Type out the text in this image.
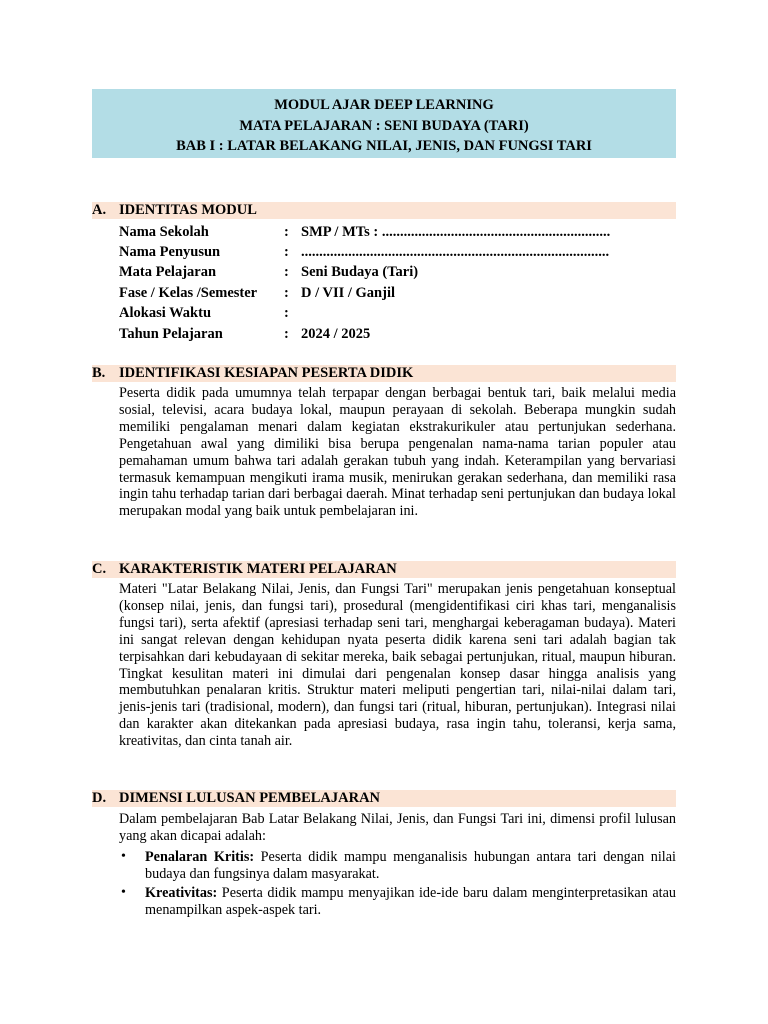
MODUL AJAR DEEP LEARNING
MATA PELAJARAN : SENI BUDAYA (TARI)
BAB I : LATAR BELAKANG NILAI, JENIS, DAN FUNGSI TARI
A. IDENTITAS MODUL
Nama Sekolah	: SMP / MTs : ...............................................................
Nama Penyusun	: .....................................................................................
Mata Pelajaran	: Seni Budaya (Tari)
Fase / Kelas /Semester : D / VII / Ganjil
Alokasi Waktu	:
Tahun Pelajaran	: 2024 / 2025
B. IDENTIFIKASI KESIAPAN PESERTA DIDIK

Peserta didik pada umumnya telah terpapar dengan berbagai bentuk tari, baik melalui media sosial, televisi, acara budaya lokal, maupun perayaan di sekolah. Beberapa mungkin sudah memiliki pengalaman menari dalam kegiatan ekstrakurikuler atau pertunjukan sederhana. Pengetahuan awal yang dimiliki bisa berupa pengenalan nama-nama tarian populer atau pemahaman umum bahwa tari adalah gerakan tubuh yang indah. Keterampilan yang bervariasi termasuk kemampuan mengikuti irama musik, menirukan gerakan sederhana, dan memiliki rasa ingin tahu terhadap tarian dari berbagai daerah. Minat terhadap seni pertunjukan dan budaya lokal merupakan modal yang baik untuk pembelajaran ini.

C. KARAKTERISTIK MATERI PELAJARAN

Materi "Latar Belakang Nilai, Jenis, dan Fungsi Tari" merupakan jenis pengetahuan konseptual (konsep nilai, jenis, dan fungsi tari), prosedural (mengidentifikasi ciri khas tari, menganalisis fungsi tari), serta afektif (apresiasi terhadap seni tari, menghargai keberagaman budaya). Materi ini sangat relevan dengan kehidupan nyata peserta didik karena seni tari adalah bagian tak terpisahkan dari kebudayaan di sekitar mereka, baik sebagai pertunjukan, ritual, maupun hiburan. Tingkat kesulitan materi ini dimulai dari pengenalan konsep dasar hingga analisis yang membutuhkan penalaran kritis. Struktur materi meliputi pengertian tari, nilai-nilai dalam tari, jenis-jenis tari (tradisional, modern), dan fungsi tari (ritual, hiburan, pertunjukan). Integrasi nilai dan karakter akan ditekankan pada apresiasi budaya, rasa ingin tahu, toleransi, kerja sama, kreativitas, dan cinta tanah air.

D. DIMENSI LULUSAN PEMBELAJARAN

Dalam pembelajaran Bab Latar Belakang Nilai, Jenis, dan Fungsi Tari ini, dimensi profil lulusan yang akan dicapai adalah:

• Penalaran Kritis: Peserta didik mampu menganalisis hubungan antara tari dengan nilai budaya dan fungsinya dalam masyarakat.

• Kreativitas: Peserta didik mampu menyajikan ide-ide baru dalam menginterpretasikan atau menampilkan aspek-aspek tari.
